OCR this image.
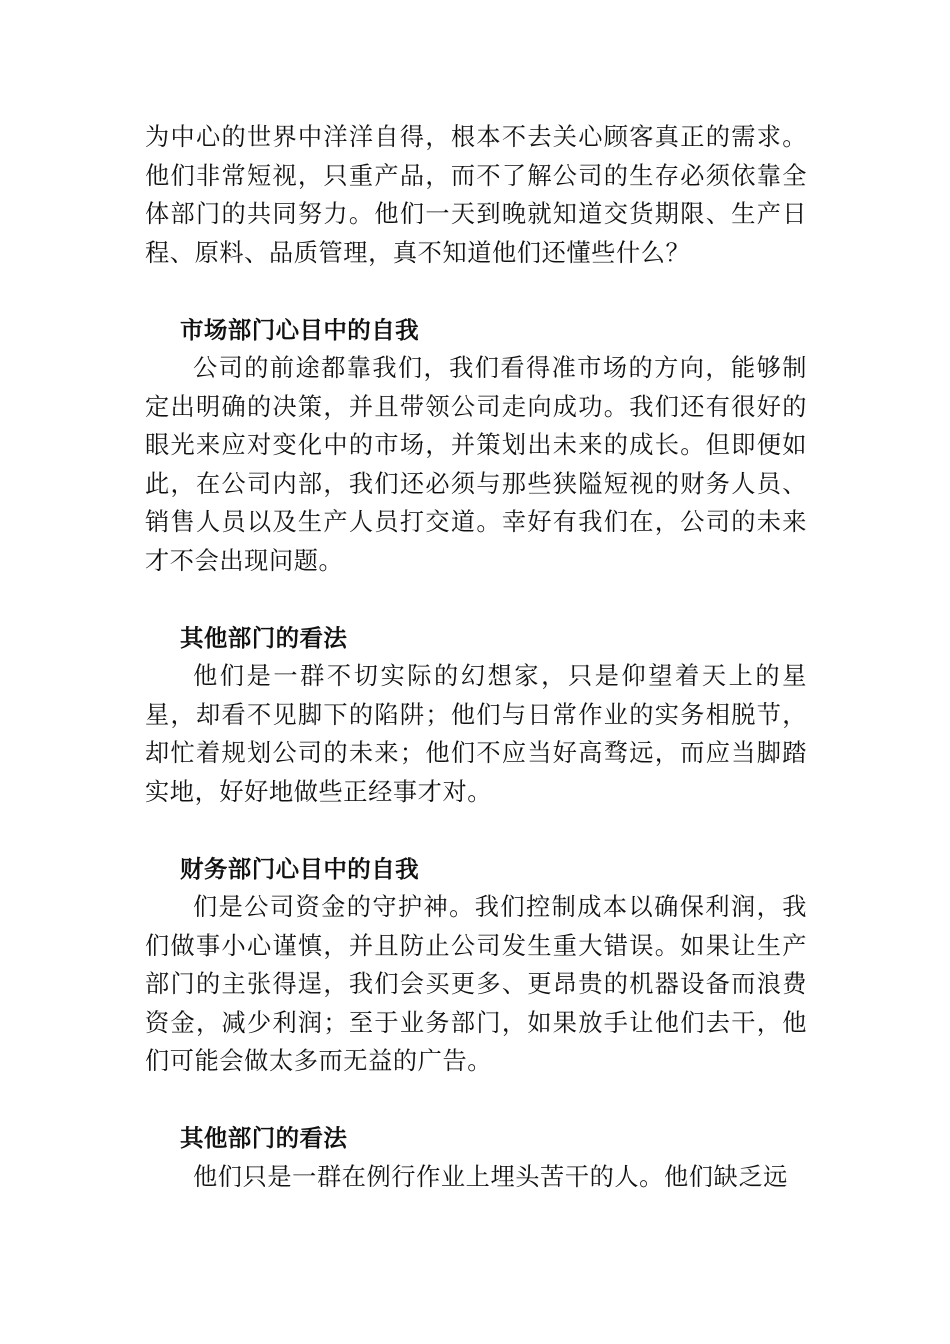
为中心的世界中洋洋自得，根本不去关心顾客真正的需求。他们非常短视，只重产品，而不了解公司的生存必须依靠全体部门的共同努力。他们一天到晚就知道交货期限、生产日程、原料、品质管理，真不知道他们还懂些什么？

市场部门心目中的自我

公司的前途都靠我们，我们看得准市场的方向，能够制定出明确的决策，并且带领公司走向成功。我们还有很好的眼光来应对变化中的市场，并策划出未来的成长。但即便如此，在公司内部，我们还必须与那些狭隘短视的财务人员、销售人员以及生产人员打交道。幸好有我们在，公司的未来才不会出现问题。

其他部门的看法

他们是一群不切实际的幻想家，只是仰望着天上的星星，却看不见脚下的陷阱；他们与日常作业的实务相脱节，却忙着规划公司的未来；他们不应当好高骛远，而应当脚踏实地，好好地做些正经事才对。

财务部门心目中的自我

们是公司资金的守护神。我们控制成本以确保利润，我们做事小心谨慎，并且防止公司发生重大错误。如果让生产部门的主张得逞，我们会买更多、更昂贵的机器设备而浪费资金，减少利润；至于业务部门，如果放手让他们去干，他们可能会做太多而无益的广告。

其他部门的看法

他们只是一群在例行作业上埋头苦干的人。他们缺乏远
